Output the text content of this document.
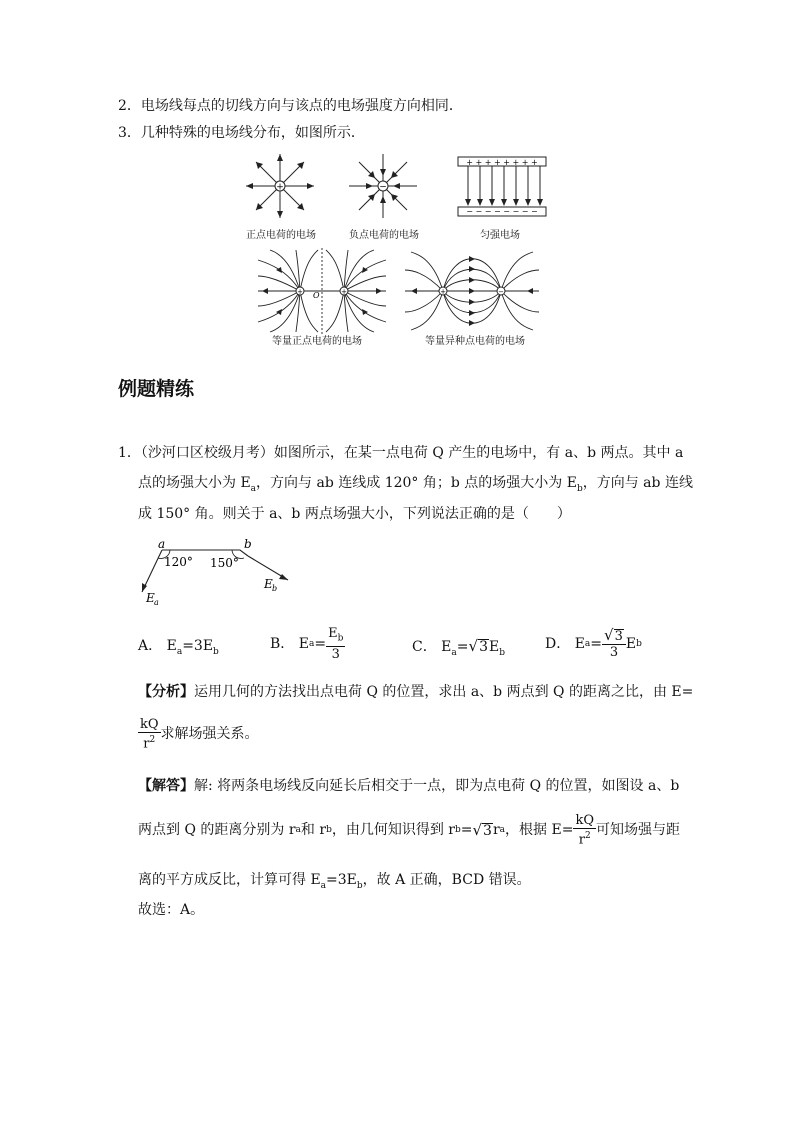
2．电场线每点的切线方向与该点的电场强度方向相同．
3．几种特殊的电场线分布，如图所示．
+
正点电荷的电场
−
负点电荷的电场
+ + + + + + + +
− − − − − − − −
匀强电场
+	+
O
等量正点电荷的电场
+	−
等量异种点电荷的电场
例题精练
1．（沙河口区校级月考）如图所示，在某一点电荷 Q 产生的电场中，有 a、b 两点。其中 a
点的场强大小为 $E_a$，方向与 ab 连线成 120° 角；b 点的场强大小为 $E_b$，方向与 ab 连线
成 150° 角。则关于 a、b 两点场强大小，下列说法正确的是（　　）
a	b
120° 150°
E a
E b
A． $E_a=3E_b$	B．
E $a = \frac{E_b}{3}$	C． $E_a=√3E_b$
D．
E $a = \frac{√3}{3}$ E b
【分析】运用几何的方法找出点电荷 Q 的位置，求出 a、b 两点到 Q 的距离之比，由 E=
$\frac{kQ}{r^2}$ 求解场强关系。
【解答】解: 将两条电场线反向延长后相交于一点，即为点电荷 Q 的位置，如图设 a、b
两点到 Q 的距离分别为 r a 和 r b ，由几何知识得到 r b = √ 3 r a ，根据 $E= \frac{kQ}{r^2}$ 可知场强与距
离的平方成反比，计算可得 $E_a=3E_b$，故 A 正确，BCD 错误。
故选：A。
